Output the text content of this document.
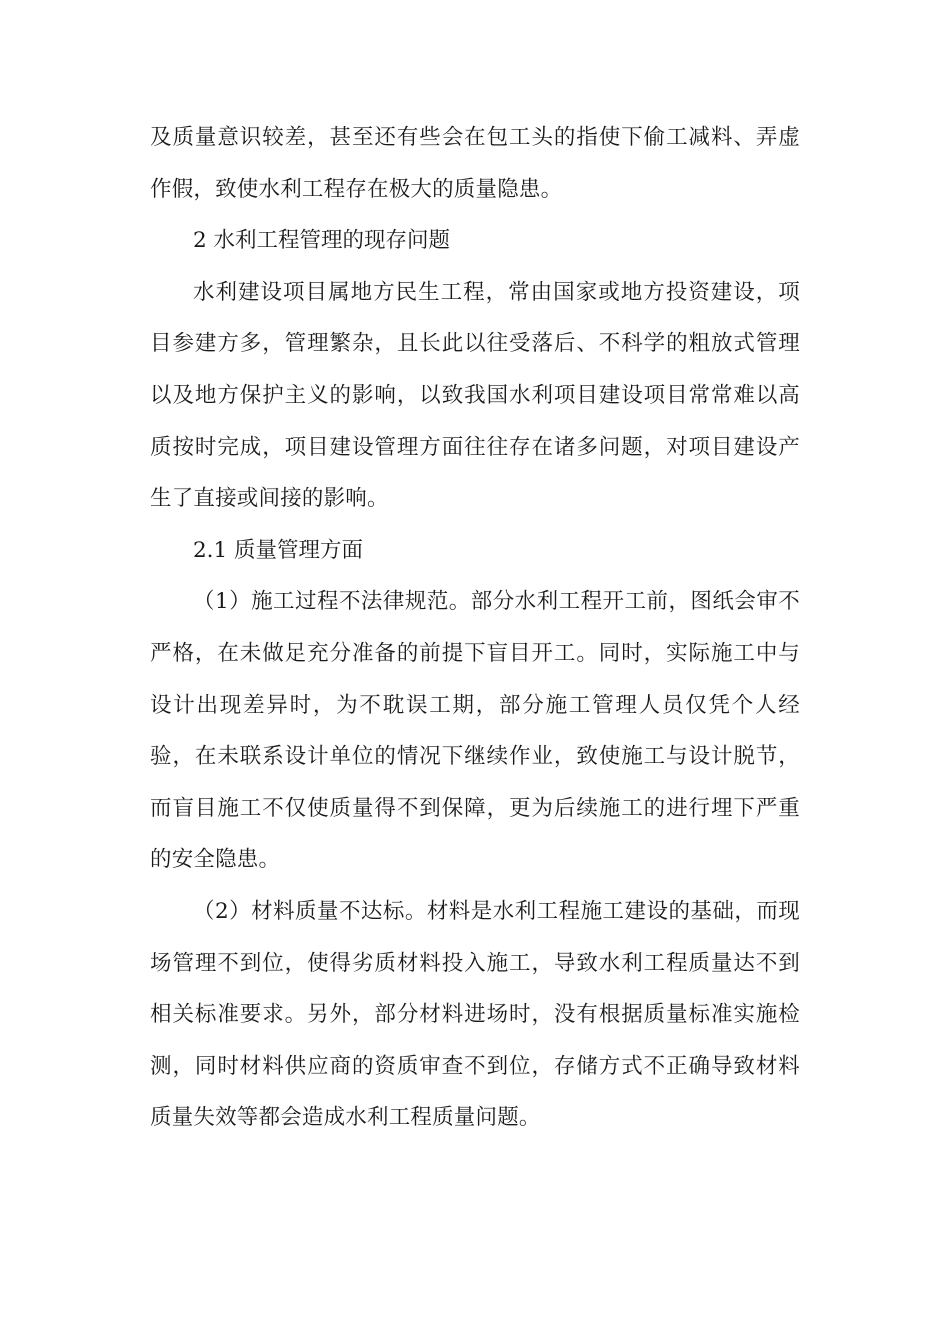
及质量意识较差，甚至还有些会在包工头的指使下偷工减料、弄虚作假，致使水利工程存在极大的质量隐患。

2 水利工程管理的现存问题

水利建设项目属地方民生工程，常由国家或地方投资建设，项目参建方多，管理繁杂，且长此以往受落后、不科学的粗放式管理以及地方保护主义的影响，以致我国水利项目建设项目常常难以高质按时完成，项目建设管理方面往往存在诸多问题，对项目建设产生了直接或间接的影响。

2.1 质量管理方面

（1）施工过程不法律规范。部分水利工程开工前，图纸会审不严格，在未做足充分准备的前提下盲目开工。同时，实际施工中与设计出现差异时，为不耽误工期，部分施工管理人员仅凭个人经验，在未联系设计单位的情况下继续作业，致使施工与设计脱节，而盲目施工不仅使质量得不到保障，更为后续施工的进行埋下严重的安全隐患。

（2）材料质量不达标。材料是水利工程施工建设的基础，而现场管理不到位，使得劣质材料投入施工，导致水利工程质量达不到相关标准要求。另外，部分材料进场时，没有根据质量标准实施检测，同时材料供应商的资质审查不到位，存储方式不正确导致材料质量失效等都会造成水利工程质量问题。
